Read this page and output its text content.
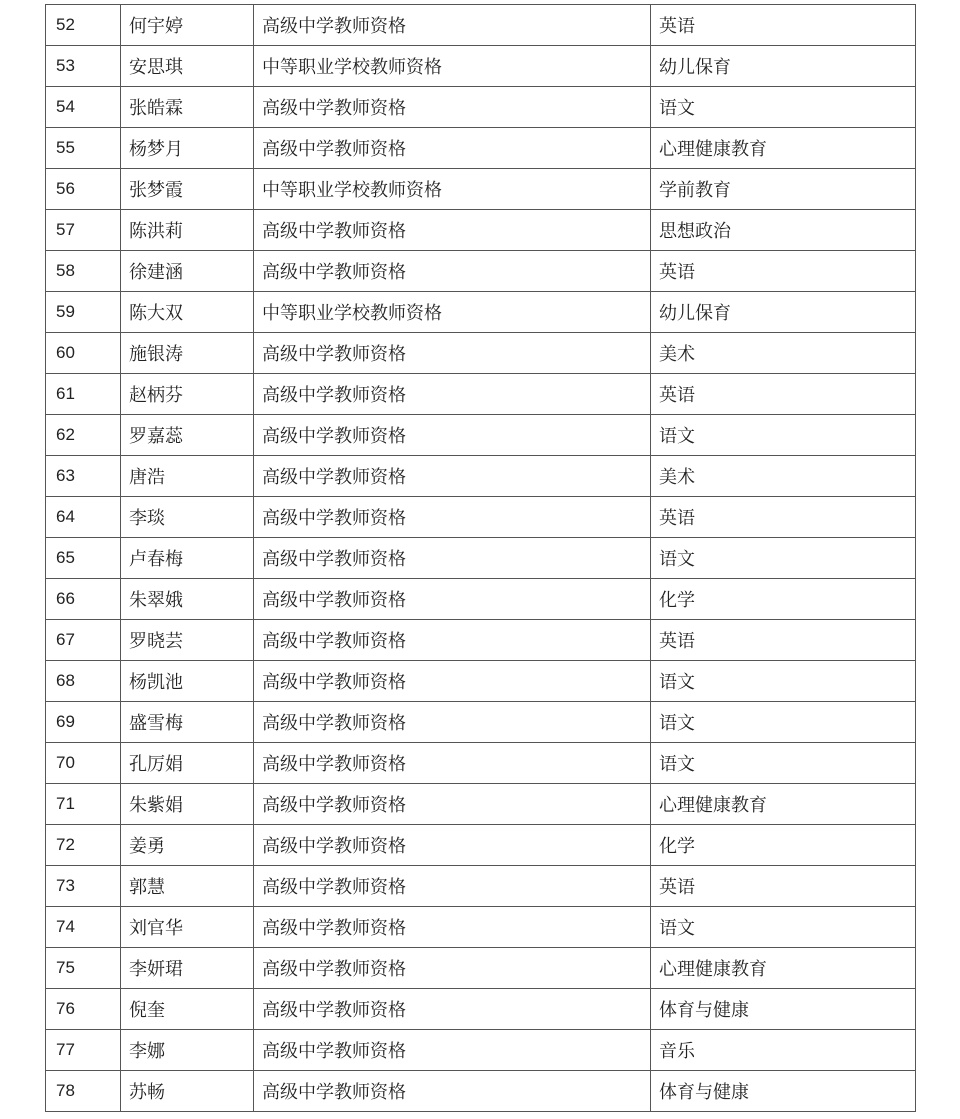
52	何宇婷	高级中学教师资格	英语
53	安思琪	中等职业学校教师资格	幼儿保育
54	张皓霖	高级中学教师资格	语文
55	杨梦月	高级中学教师资格	心理健康教育
56	张梦霞	中等职业学校教师资格	学前教育
57	陈洪莉	高级中学教师资格	思想政治
58	徐建涵	高级中学教师资格	英语
59	陈大双	中等职业学校教师资格	幼儿保育
60	施银涛	高级中学教师资格	美术
61	赵柄芬	高级中学教师资格	英语
62	罗嘉蕊	高级中学教师资格	语文
63	唐浩	高级中学教师资格	美术
64	李琰	高级中学教师资格	英语
65	卢春梅	高级中学教师资格	语文
66	朱翠娥	高级中学教师资格	化学
67	罗晓芸	高级中学教师资格	英语
68	杨凯池	高级中学教师资格	语文
69	盛雪梅	高级中学教师资格	语文
70	孔厉娟	高级中学教师资格	语文
71	朱紫娟	高级中学教师资格	心理健康教育
72	姜勇	高级中学教师资格	化学
73	郭慧	高级中学教师资格	英语
74	刘官华	高级中学教师资格	语文
75	李妍珺	高级中学教师资格	心理健康教育
76	倪奎	高级中学教师资格	体育与健康
77	李娜	高级中学教师资格	音乐
78	苏畅	高级中学教师资格	体育与健康
